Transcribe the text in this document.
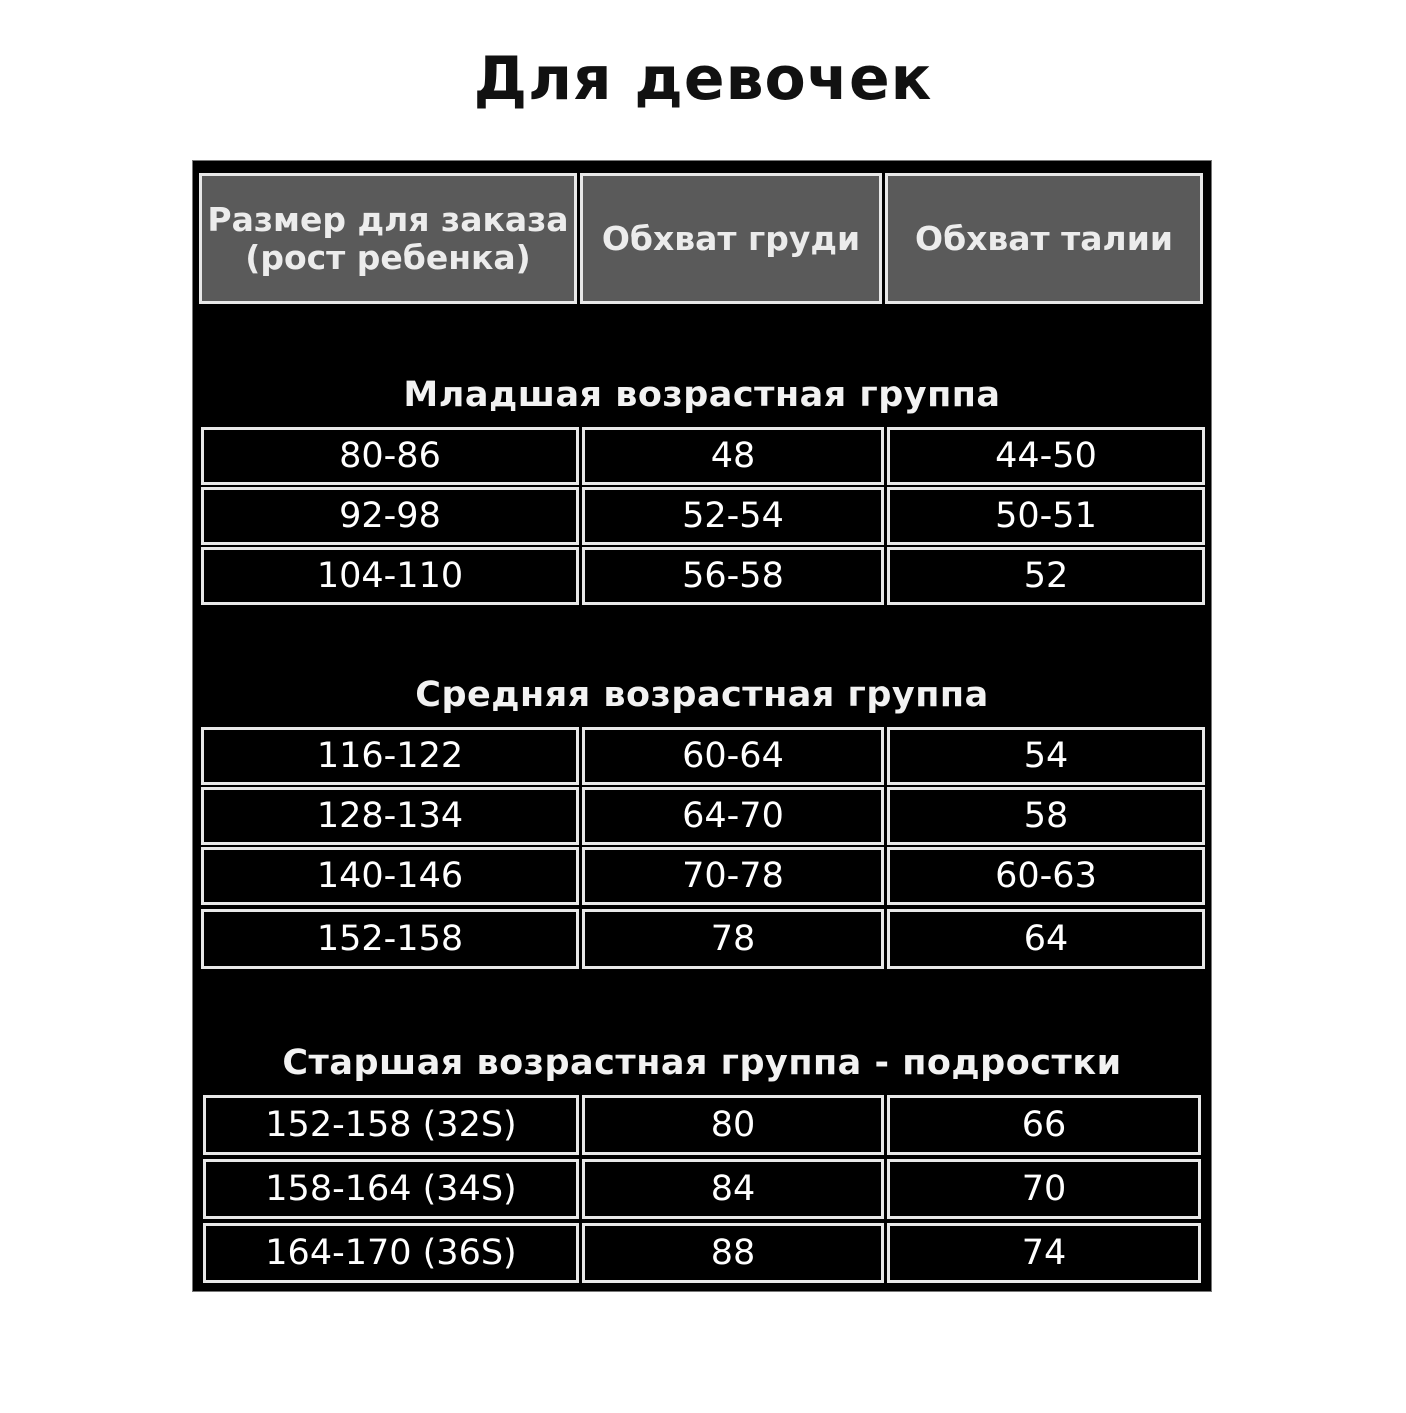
Для девочек
Размер для заказа
(рост ребенка)	Обхват груди	Обхват талии
Младшая возрастная группа
80-86	48	44-50
92-98	52-54	50-51
104-110	56-58	52
Средняя возрастная группа
116-122	60-64	54
128-134	64-70	58
140-146	70-78	60-63
152-158	78	64
Старшая возрастная группа - подростки
152-158 (32S)	80	66
158-164 (34S)	84	70
164-170 (36S)	88	74
